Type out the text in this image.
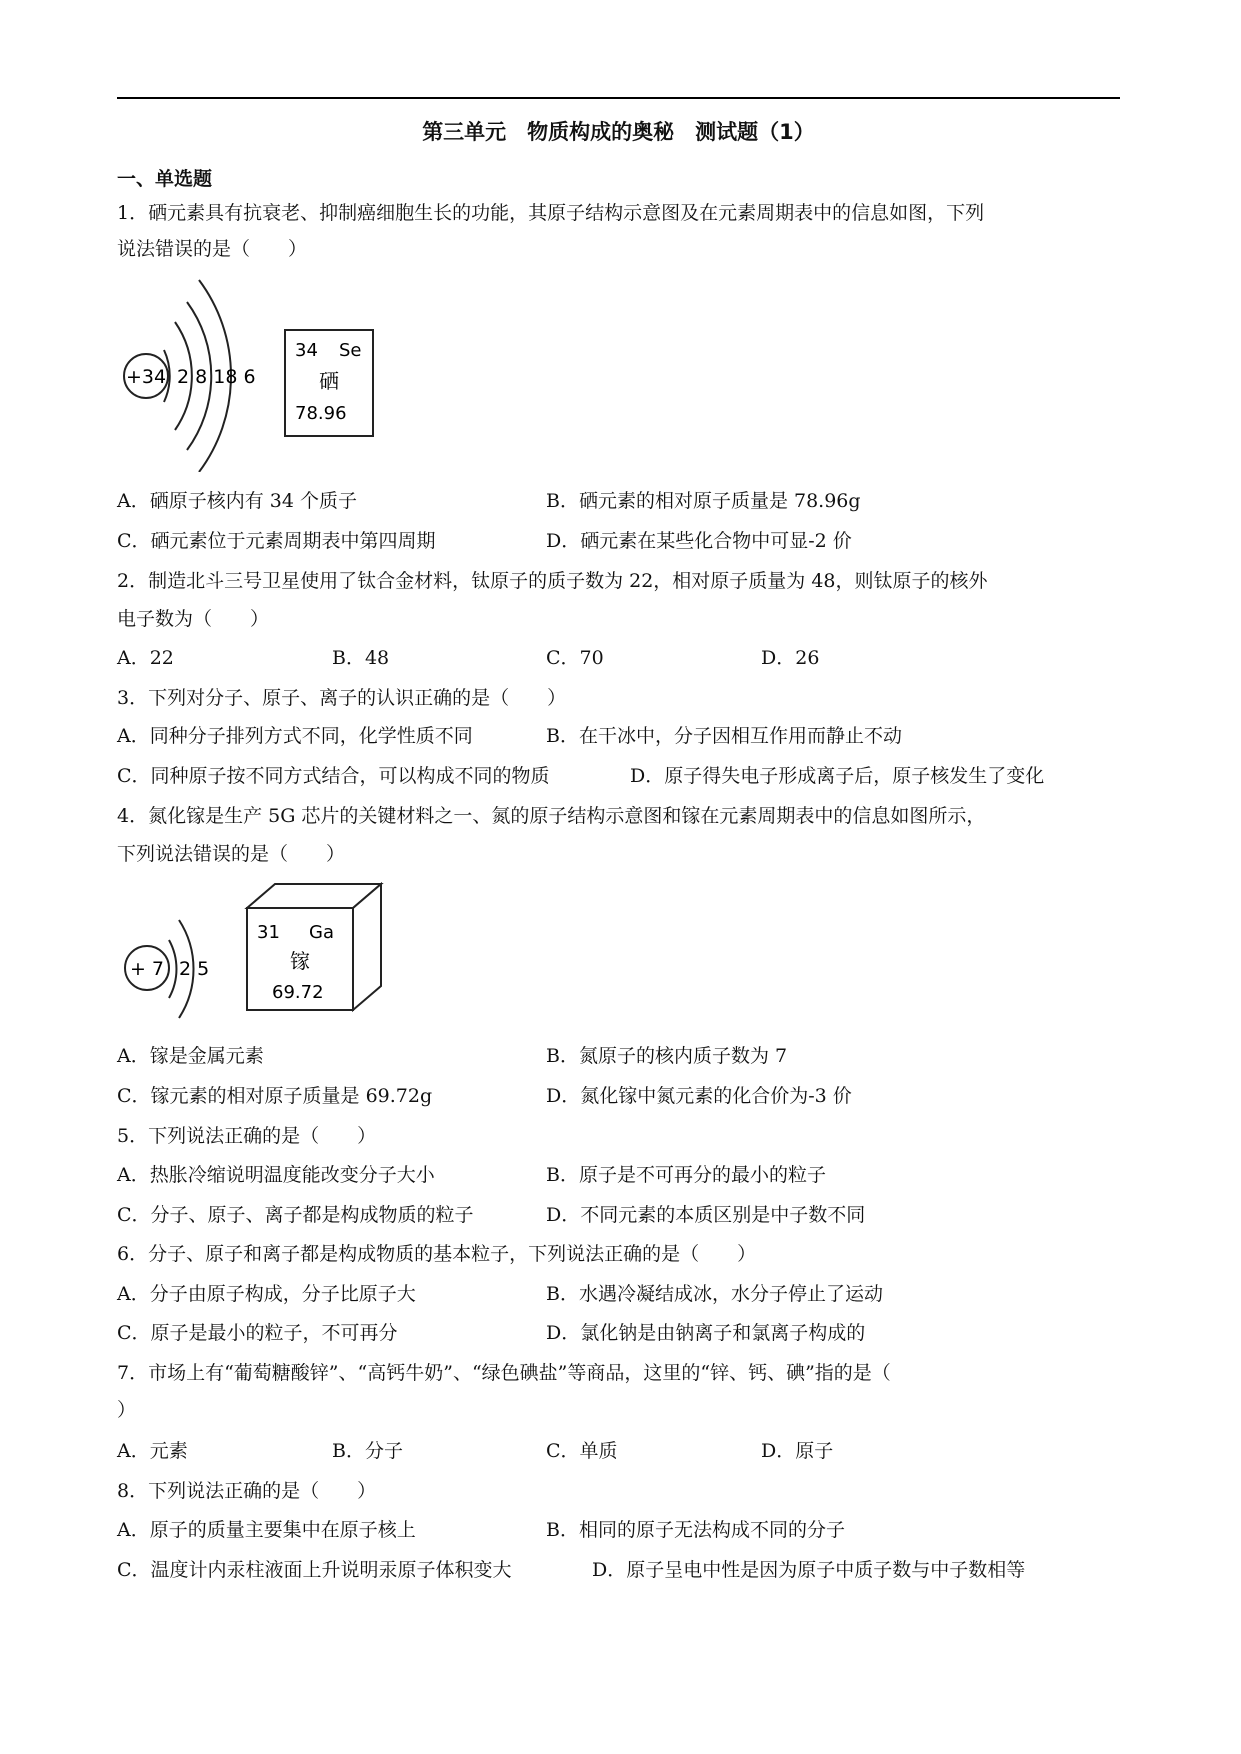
第三单元　物质构成的奥秘　测试题（1）
一、单选题
1．硒元素具有抗衰老、抑制癌细胞生长的功能，其原子结构示意图及在元素周期表中的信息如图，下列
说法错误的是（　　）
+34 2 8 18 6
34 Se
硒
78.96
A．硒原子核内有 34 个质子	B．硒元素的相对原子质量是 78.96g
C．硒元素位于元素周期表中第四周期	D．硒元素在某些化合物中可显-2 价
2．制造北斗三号卫星使用了钛合金材料，钛原子的质子数为 22，相对原子质量为 48，则钛原子的核外
电子数为（　　）
A．22	B．48	C．70	D．26
3．下列对分子、原子、离子的认识正确的是（　　）
A．同种分子排列方式不同，化学性质不同	B．在干冰中，分子因相互作用而静止不动
C．同种原子按不同方式结合，可以构成不同的物质	D．原子得失电子形成离子后，原子核发生了变化
4．氮化镓是生产 5G 芯片的关键材料之一、氮的原子结构示意图和镓在元素周期表中的信息如图所示，
下列说法错误的是（　　）
+ 7 2 5
31 Ga
镓
69.72
A．镓是金属元素	B．氮原子的核内质子数为 7
C．镓元素的相对原子质量是 69.72g	D．氮化镓中氮元素的化合价为-3 价
5．下列说法正确的是（　　）
A．热胀冷缩说明温度能改变分子大小	B．原子是不可再分的最小的粒子
C．分子、原子、离子都是构成物质的粒子	D．不同元素的本质区别是中子数不同
6．分子、原子和离子都是构成物质的基本粒子，下列说法正确的是（　　）
A．分子由原子构成，分子比原子大	B．水遇冷凝结成冰，水分子停止了运动
C．原子是最小的粒子，不可再分	D．氯化钠是由钠离子和氯离子构成的
7．市场上有“葡萄糖酸锌”、“高钙牛奶”、“绿色碘盐”等商品，这里的“锌、钙、碘”指的是（
）
A．元素	B．分子	C．单质	D．原子
8．下列说法正确的是（　　）
A．原子的质量主要集中在原子核上	B．相同的原子无法构成不同的分子
C．温度计内汞柱液面上升说明汞原子体积变大	D．原子呈电中性是因为原子中质子数与中子数相等
